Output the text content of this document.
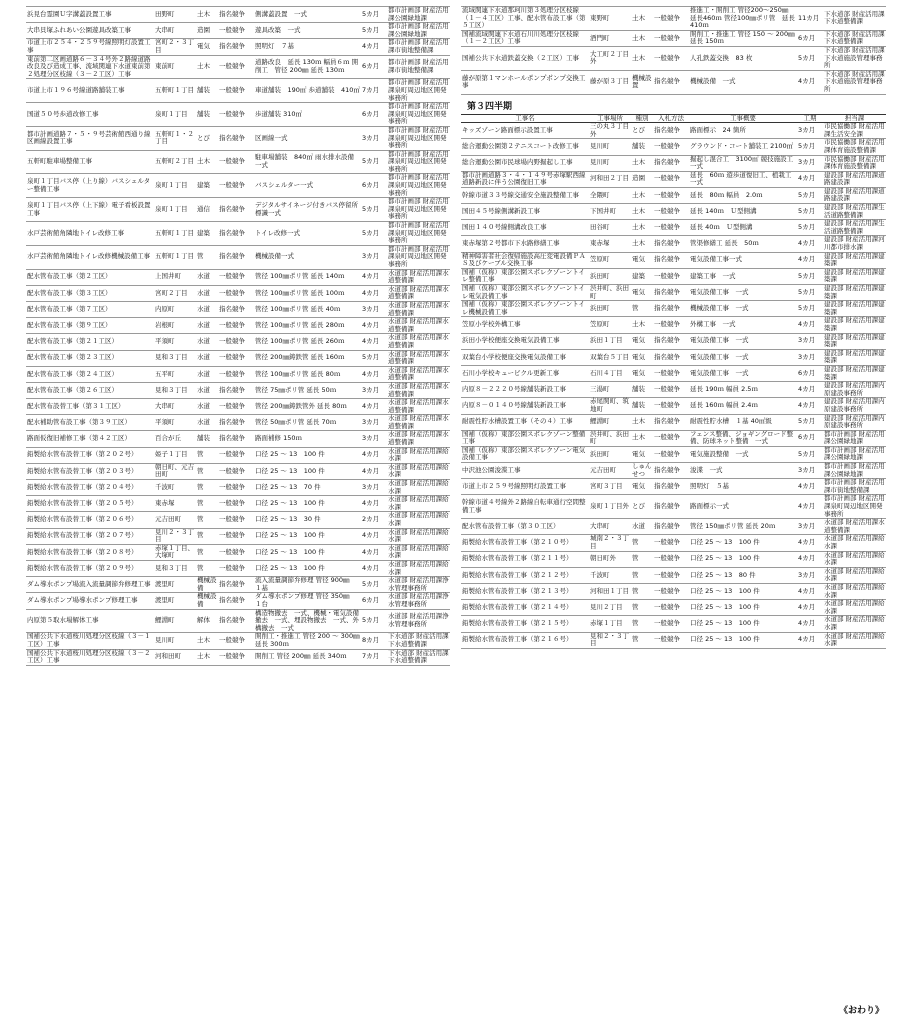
浜見台霊園Ｕ字溝蓋設置工事	田野町	土木	指名競争	側溝蓋設置　一式	5カ月	都市計画部 財産活用課公園緑地課
大串貝塚ふれあい公園遊具改築工事	大串町	造園	一般競争	遊具改築　一式	5カ月	都市計画部 財産活用課公園緑地課
市道上市２５４・２５９号線照明灯設置工事	宮町２・３丁目	電気	指名競争	照明灯　７基	4カ月	都市計画部 財産活用課市街地整備課
東前第二区画道路６－３４号外２路線道路改良及び造成工事、流域関連下水道東前第２処理分区枝線（３－２工区）工事	東前町	土木	一般競争	道路改良　延長 130ｍ 幅員６ｍ 開削工　管径 200㎜ 延長 130ｍ	6カ月	都市計画部 財産活用課市街地整備課
市道上市１９６号線道路舗装工事	五軒町１丁目	舗装	一般競争	車道舗装　190㎡ 歩道舗装　410㎡	7カ月	都市計画部 財産活用課泉町周辺地区開発事務所
国道５０号歩道改修工事	泉町１丁目	舗装	一般競争	歩道舗装 310㎡	6カ月	都市計画部 財産活用課泉町周辺地区開発事務所
都市計画道路７・５・９号芸術館西通り線区画線設置工事	五軒町１・２丁目	とび	指名競争	区画線一式	3カ月	都市計画部 財産活用課泉町周辺地区開発事務所
五軒町駐車場整備工事	五軒町２丁目	土木	一般競争	駐車場舗装　840㎡ 雨水排水設備一式	5カ月	都市計画部 財産活用課泉町周辺地区開発事務所
泉町１丁目バス停（上り線）バスシェルター整備工事	泉町１丁目	建築	一般競争	バスシェルター一式	6カ月	都市計画部 財産活用課泉町周辺地区開発事務所
泉町１丁目バス停（上下線）電子看板設置工事	泉町１丁目	通信	指名競争	デジタルサイネージ付きバス停留所標識一式	5カ月	都市計画部 財産活用課泉町周辺地区開発事務所
水戸芸術館角隣地トイレ改修工事	五軒町１丁目	建築	指名競争	トイレ改修一式	5カ月	都市計画部 財産活用課泉町周辺地区開発事務所
水戸芸術館角隣地トイレ改修機械設備工事	五軒町１丁目	管	指名競争	機械設備一式	3カ月	都市計画部 財産活用課泉町周辺地区開発事務所
配水管布設工事（第２工区）	上国井町	水道	一般競争	管径 100㎜ポリ管 延長 140ｍ	4カ月	水道部 財産活用課水道整備課
配水管布設工事（第３工区）	宮町２丁目	水道	一般競争	管径 100㎜ポリ管 延長 100ｍ	4カ月	水道部 財産活用課水道整備課
配水管布設工事（第７工区）	内原町	水道	指名競争	管径 100㎜ポリ管 延長 40ｍ	3カ月	水道部 財産活用課水道整備課
配水管布設工事（第９工区）	岩根町	水道	一般競争	管径 100㎜ポリ管 延長 280ｍ	4カ月	水道部 財産活用課水道整備課
配水管布設工事（第２１工区）	平須町	水道	一般競争	管径 100㎜ポリ管 延長 260ｍ	4カ月	水道部 財産活用課水道整備課
配水管布設工事（第２３工区）	見和３丁目	水道	一般競争	管径 200㎜鋳鉄管 延長 160ｍ	5カ月	水道部 財産活用課水道整備課
配水管布設工事（第２４工区）	五平町	水道	一般競争	管径 100㎜ポリ管 延長 80ｍ	4カ月	水道部 財産活用課水道整備課
配水管布設工事（第２６工区）	見和３丁目	水道	指名競争	管径 75㎜ポリ管 延長 50ｍ	3カ月	水道部 財産活用課水道整備課
配水管布設替工事（第３１工区）	大串町	水道	一般競争	管径 200㎜鋳鉄管外 延長 80ｍ	4カ月	水道部 財産活用課水道整備課
配水補助管布設工事（第３９工区）	平須町	水道	指名競争	管径 50㎜ポリ管 延長 70ｍ	3カ月	水道部 財産活用課水道整備課
路面仮復旧補修工事（第４２工区）	百合が丘	舗装	指名競争	路面補修 150ｍ	3カ月	水道部 財産活用課水道整備課
鉛製給水管布設替工事（第２０２号）	姫子１丁目	管	一般競争	口径 25 ～ 13　100 件	4カ月	水道部 財産活用課給水課
鉛製給水管布設替工事（第２０３号）	朝日町、元吉田町	管	一般競争	口径 25 ～ 13　100 件	4カ月	水道部 財産活用課給水課
鉛製給水管布設替工事（第２０４号）	千波町	管	一般競争	口径 25 ～ 13　70 件	3カ月	水道部 財産活用課給水課
鉛製給水管布設替工事（第２０５号）	東赤塚	管	一般競争	口径 25 ～ 13　100 件	4カ月	水道部 財産活用課給水課
鉛製給水管布設替工事（第２０６号）	元吉田町	管	一般競争	口径 25 ～ 13　30 件	2カ月	水道部 財産活用課給水課
鉛製給水管布設替工事（第２０７号）	見川２・３丁目	管	一般競争	口径 25 ～ 13　100 件	4カ月	水道部 財産活用課給水課
鉛製給水管布設替工事（第２０８号）	赤塚１丁目、大塚町	管	一般競争	口径 25 ～ 13　100 件	4カ月	水道部 財産活用課給水課
鉛製給水管布設替工事（第２０９号）	見和３丁目	管	一般競争	口径 25 ～ 13　100 件	4カ月	水道部 財産活用課給水課
ダム導水ポンプ場流入流量調節弁修理工事	渡里町	機械設備	指名競争	流入流量調節弁修理 管径 900㎜　１基	5カ月	水道部 財産活用課浄水管理事務所
ダム導水ポンプ場導水ポンプ修理工事	渡里町	機械設備	指名競争	ダム導水ポンプ修理 管径 350㎜　１台	6カ月	水道部 財産活用課浄水管理事務所
内原第５取水場解体工事	鯉淵町	解体	指名競争	構造物撤去　一式、機械・電気設備撤去　一式、埋設物撤去　一式、外構撤去　一式	5カ月	水道部 財産活用課浄水管理事務所
国補公共下水道桜川処理分区枝線（３－１工区）工事	見川町	土木	一般競争	開削工・推進工 管径 200 ～ 300㎜ 延長 300ｍ	8カ月	下水道部 財産活用課下水道整備課
国補公共下水道桜川処理分区枝線（３－２工区）工事	河和田町	土木	一般競争	開削工 管径 200㎜ 延長 340ｍ	7カ月	下水道部 財産活用課下水道整備課
流域関連下水道那珂川第３処理分区枝線（１－４工区）工事、配水管布設工事（第５工区）	東野町	土木	一般競争	推進工・開削工 管径200～250㎜　延長460ｍ 管径100㎜ポリ管　延長410ｍ	11カ月	下水道部 財産活用課下水道整備課
国補流域関連下水道石川川処理分区枝線（１－２工区）工事	酒門町	土木	一般競争	開削工・推進工 管径 150 ～ 200㎜ 延長 150ｍ	6カ月	下水道部 財産活用課下水道整備課
国補公共下水道鉄蓋交換（２工区）工事	大工町２丁目外	土木	一般競争	人孔鉄蓋交換　83 枚	5カ月	下水道部 財産活用課下水道施設管理事務所
藤が原第１マンホールポンプポンプ交換工事	藤が原３丁目	機械設置	指名競争	機械設備　一式	4カ月	下水道部 財産活用課下水道施設管理事務所
第３四半期
工事名	工事場所	種別	入札方法	工事概要	工期	担当課
キッズゾーン路面標示設置工事	三の丸３丁目外	とび	指名競争	路面標示　24 箇所	3カ月	市民協働部 財産活用課生活安全課
総合運動公園第２テニスコート改修工事	見川町	舗装	一般競争	グラウンド・コート舗装工 2100㎡	5カ月	市民協働部 財産活用課体育施設整備課
総合運動公園市民球場内野掘起し工事	見川町	土木	指名競争	掘起し混合工　3100㎡ 競技施設工　一式	3カ月	市民協働部 財産活用課体育施設整備課
都市計画道路３・４・１４９号赤塚駅西線道路新設に伴う公園復旧工事	河和田２丁目	造園	一般競争	延長　60ｍ 遊歩道復旧工、植栽工一式	4カ月	建設部 財産活用課道路建設課
幹線市道３３号線交通安全施設整備工事	全隈町	土木	一般競争	延長　80ｍ 幅員　2.0ｍ	5カ月	建設部 財産活用課道路建設課
国田４５号線側溝新設工事	下国井町	土木	一般競争	延長 140ｍ　Ｕ型側溝	5カ月	建設部 財産活用課生活道路整備課
国田１４０号線側溝改良工事	田谷町	土木	一般競争	延長 40ｍ　Ｕ型側溝	5カ月	建設部 財産活用課生活道路整備課
東赤塚第２号都市下水路修繕工事	東赤塚	土木	指名競争	管渠修繕工 延長　50ｍ	4カ月	建設部 財産活用課河川都市排水課
精神障害者社会復帰施設高圧変電設備ＰＡＳ及びケーブル交換工事	笠原町	電気	指名競争	電気設備工事一式	4カ月	建設部 財産活用課建築課
国補（仮称）東部公園スポレクゾーントイレ整備工事	浜田町	建築	一般競争	建築工事　一式	5カ月	建設部 財産活用課建築課
国補（仮称）東部公園スポレクゾーントイレ電気設備工事	渋井町、浜田町	電気	指名競争	電気設備工事　一式	5カ月	建設部 財産活用課建築課
国補（仮称）東部公園スポレクゾーントイレ機械設備工事	浜田町	管	指名競争	機械設備工事　一式	5カ月	建設部 財産活用課建築課
笠原小学校外構工事	笠原町	土木	一般競争	外構工事　一式	4カ月	建設部 財産活用課建築課
浜田小学校便座交換電気設備工事	浜田１丁目	電気	指名競争	電気設備工事　一式	3カ月	建設部 財産活用課建築課
双葉台小学校便座交換電気設備工事	双葉台５丁目	電気	指名競争	電気設備工事　一式	3カ月	建設部 財産活用課建築課
石川小学校キュービクル更新工事	石川４丁目	電気	一般競争	電気設備工事　一式	6カ月	建設部 財産活用課建築課
内原８－２２２０号線舗装新設工事	三湯町	舗装	一般競争	延長 190ｍ 幅員 2.5ｍ	4カ月	建設部 財産活用課内原建設事務所
内原８－０１４０号線舗装新設工事	赤尾関町、筑地町	舗装	一般競争	延長 160ｍ 幅員 2.4ｍ	4カ月	建設部 財産活用課内原建設事務所
耐震性貯水槽設置工事（その４）工事	鯉淵町	土木	指名競争	耐震性貯水槽　１基 40㎥級	5カ月	建設部 財産活用課内原建設事務所
国補（仮称）東部公園スポレクゾーン整備工事	渋井町、浜田町	土木	一般競争	フェンス整備、ジョギングロード整備、防球ネット整備　一式	6カ月	都市計画部 財産活用課公園緑地課
国補（仮称）東部公園スポレクゾーン電気設備工事	浜田町	電気	一般競争	電気施設整備　一式	5カ月	都市計画部 財産活用課公園緑地課
中沢池公園浚渫工事	元吉田町	しゅんせつ	指名競争	浚渫　一式	3カ月	都市計画部 財産活用課公園緑地課
市道上市２５９号線照明灯設置工事	宮町３丁目	電気	指名競争	照明灯　５基	4カ月	都市計画部 財産活用課市街地整備課
幹線市道４号線外２路線自転車通行空間整備工事	泉町１丁目外	とび	指名競争	路面標示一式	4カ月	都市計画部 財産活用課泉町周辺地区開発事務所
配水管布設替工事（第３０工区）	大串町	水道	指名競争	管径 150㎜ポリ管 延長 20ｍ	3カ月	水道部 財産活用課水道整備課
鉛製給水管布設替工事（第２１０号）	城南２・３丁目	管	一般競争	口径 25 ～ 13　100 件	4カ月	水道部 財産活用課給水課
鉛製給水管布設替工事（第２１１号）	朝日町外	管	一般競争	口径 25 ～ 13　100 件	4カ月	水道部 財産活用課給水課
鉛製給水管布設替工事（第２１２号）	千波町	管	一般競争	口径 25 ～ 13　80 件	3カ月	水道部 財産活用課給水課
鉛製給水管布設替工事（第２１３号）	河和田１丁目	管	一般競争	口径 25 ～ 13　100 件	4カ月	水道部 財産活用課給水課
鉛製給水管布設替工事（第２１４号）	見川２丁目	管	一般競争	口径 25 ～ 13　100 件	4カ月	水道部 財産活用課給水課
鉛製給水管布設替工事（第２１５号）	赤塚１丁目	管	一般競争	口径 25 ～ 13　100 件	4カ月	水道部 財産活用課給水課
鉛製給水管布設替工事（第２１６号）	見和２・３丁目	管	一般競争	口径 25 ～ 13　100 件	4カ月	水道部 財産活用課給水課
《おわり》
